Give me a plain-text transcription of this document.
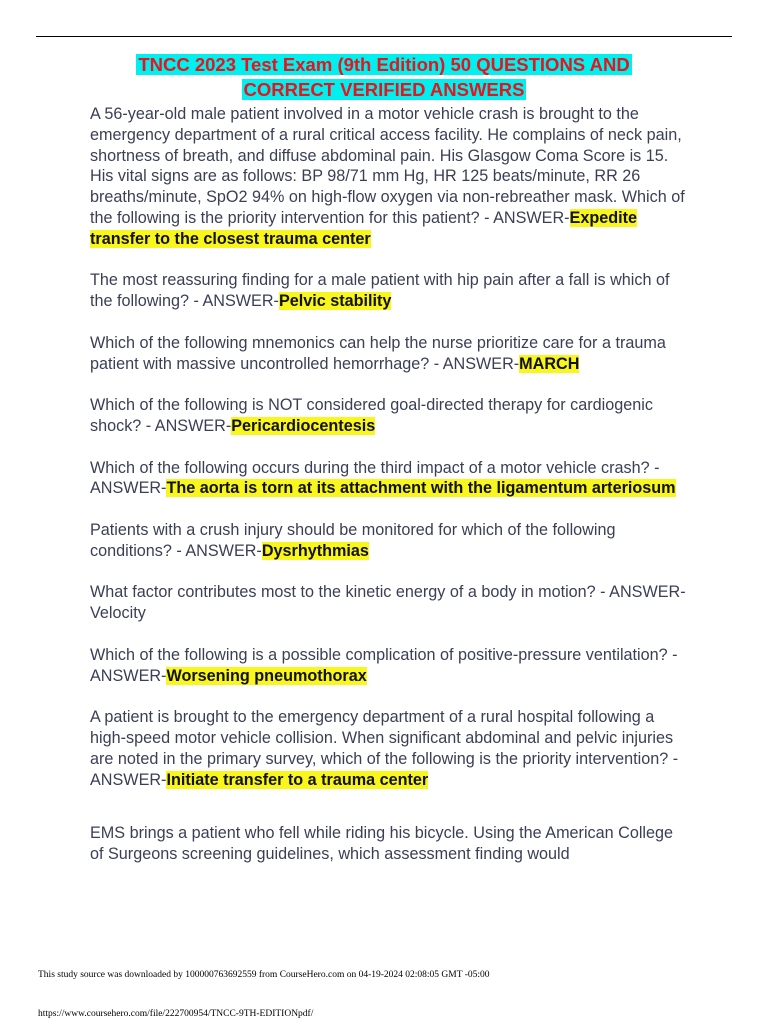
TNCC 2023 Test Exam (9th Edition) 50 QUESTIONS AND
CORRECT VERIFIED ANSWERS

A 56-year-old male patient involved in a motor vehicle crash is brought to the emergency department of a rural critical access facility. He complains of neck pain, shortness of breath, and diffuse abdominal pain. His Glasgow Coma Score is 15. His vital signs are as follows: BP 98/71 mm Hg, HR 125 beats/minute, RR 26 breaths/minute, SpO2 94% on high-flow oxygen via non-rebreather mask. Which of the following is the priority intervention for this patient? - ANSWER-Expedite transfer to the closest trauma center

The most reassuring finding for a male patient with hip pain after a fall is which of the following? - ANSWER-Pelvic stability

Which of the following mnemonics can help the nurse prioritize care for a trauma patient with massive uncontrolled hemorrhage? - ANSWER-MARCH

Which of the following is NOT considered goal-directed therapy for cardiogenic shock? - ANSWER-Pericardiocentesis

Which of the following occurs during the third impact of a motor vehicle crash? - ANSWER-The aorta is torn at its attachment with the ligamentum arteriosum

Patients with a crush injury should be monitored for which of the following conditions? - ANSWER-Dysrhythmias

What factor contributes most to the kinetic energy of a body in motion? - ANSWER-Velocity

Which of the following is a possible complication of positive-pressure ventilation? - ANSWER-Worsening pneumothorax

A patient is brought to the emergency department of a rural hospital following a high-speed motor vehicle collision. When significant abdominal and pelvic injuries are noted in the primary survey, which of the following is the priority intervention? - ANSWER-Initiate transfer to a trauma center

EMS brings a patient who fell while riding his bicycle. Using the American College of Surgeons screening guidelines, which assessment finding would

This study source was downloaded by 100000763692559 from CourseHero.com on 04-19-2024 02:08:05 GMT -05:00
https://www.coursehero.com/file/222700954/TNCC-9TH-EDITIONpdf/
